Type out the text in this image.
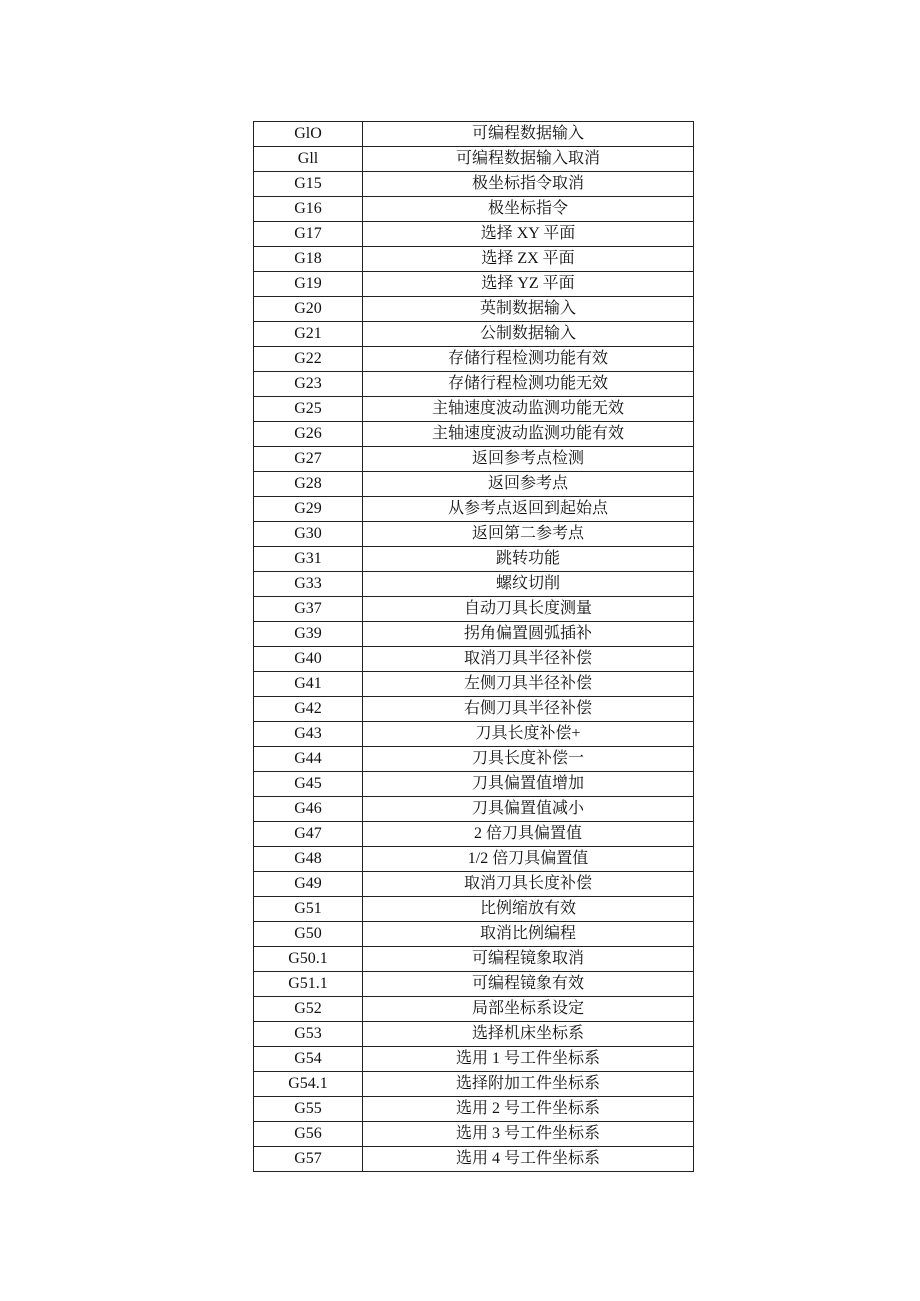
GlO	可编程数据输入
Gll	可编程数据输入取消
G15	极坐标指令取消
G16	极坐标指令
G17	选择 XY 平面
G18	选择 ZX 平面
G19	选择 YZ 平面
G20	英制数据输入
G21	公制数据输入
G22	存储行程检测功能有效
G23	存储行程检测功能无效
G25	主轴速度波动监测功能无效
G26	主轴速度波动监测功能有效
G27	返回参考点检测
G28	返回参考点
G29	从参考点返回到起始点
G30	返回第二参考点
G31	跳转功能
G33	螺纹切削
G37	自动刀具长度测量
G39	拐角偏置圆弧插补
G40	取消刀具半径补偿
G41	左侧刀具半径补偿
G42	右侧刀具半径补偿
G43	刀具长度补偿+
G44	刀具长度补偿一
G45	刀具偏置值增加
G46	刀具偏置值减小
G47	2 倍刀具偏置值
G48	1/2 倍刀具偏置值
G49	取消刀具长度补偿
G51	比例缩放有效
G50	取消比例编程
G50.1	可编程镜象取消
G51.1	可编程镜象有效
G52	局部坐标系设定
G53	选择机床坐标系
G54	选用 1 号工件坐标系
G54.1	选择附加工件坐标系
G55	选用 2 号工件坐标系
G56	选用 3 号工件坐标系
G57	选用 4 号工件坐标系
